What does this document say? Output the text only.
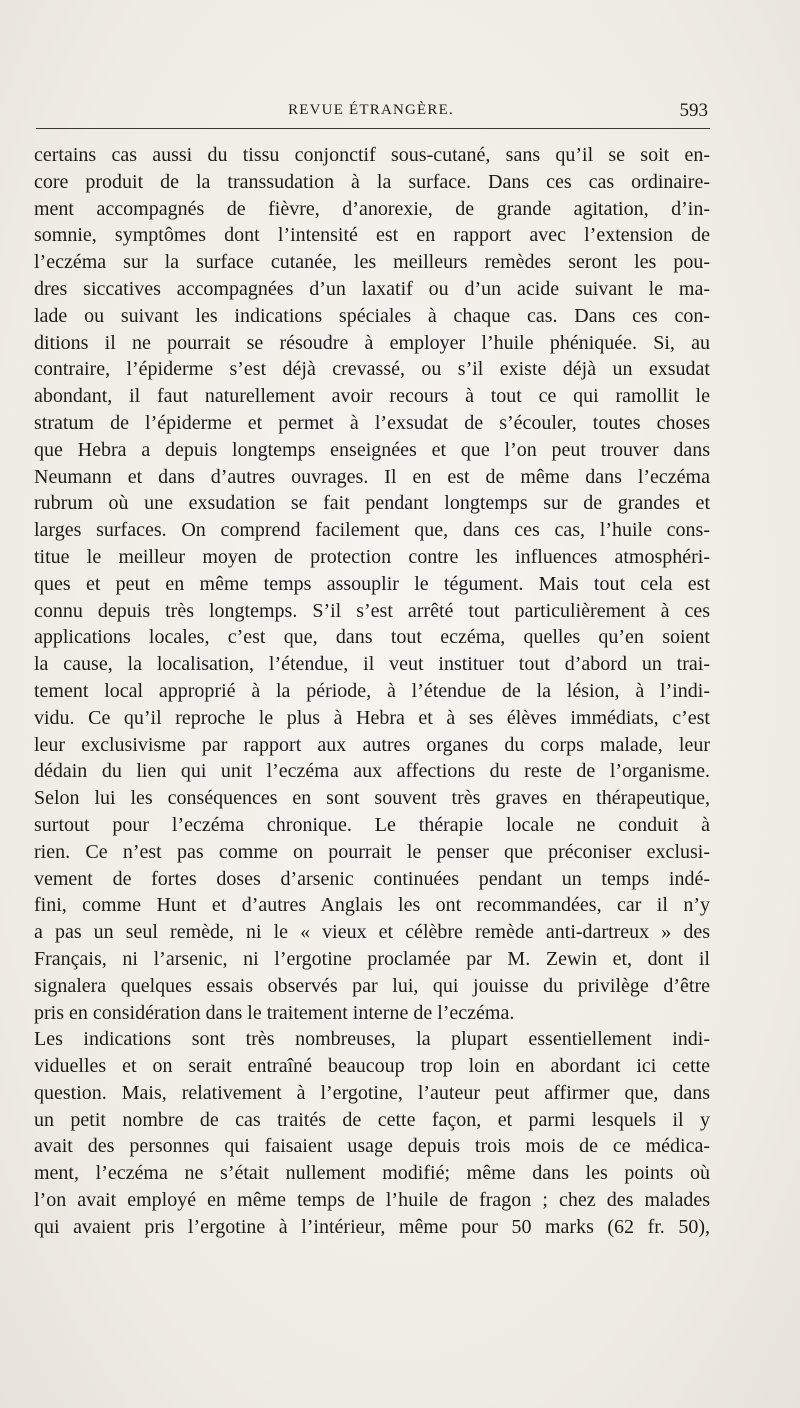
REVUE ÉTRANGÈRE.	593
certains cas aussi du tissu conjonctif sous-cutané, sans qu’il se soit en-
core produit de la transsudation à la surface. Dans ces cas ordinaire-
ment accompagnés de fièvre, d’anorexie, de grande agitation, d’in-
somnie, symptômes dont l’intensité est en rapport avec l’extension de
l’eczéma sur la surface cutanée, les meilleurs remèdes seront les pou-
dres siccatives accompagnées d’un laxatif ou d’un acide suivant le ma-
lade ou suivant les indications spéciales à chaque cas. Dans ces con-
ditions il ne pourrait se résoudre à employer l’huile phéniquée. Si, au
contraire, l’épiderme s’est déjà crevassé, ou s’il existe déjà un exsudat
abondant, il faut naturellement avoir recours à tout ce qui ramollit le
stratum de l’épiderme et permet à l’exsudat de s’écouler, toutes choses
que Hebra a depuis longtemps enseignées et que l’on peut trouver dans
Neumann et dans d’autres ouvrages. Il en est de même dans l’eczéma
rubrum où une exsudation se fait pendant longtemps sur de grandes et
larges surfaces. On comprend facilement que, dans ces cas, l’huile cons-
titue le meilleur moyen de protection contre les influences atmosphéri-
ques et peut en même temps assouplir le tégument. Mais tout cela est
connu depuis très longtemps. S’il s’est arrêté tout particulièrement à ces
applications locales, c’est que, dans tout eczéma, quelles qu’en soient
la cause, la localisation, l’étendue, il veut instituer tout d’abord un trai-
tement local approprié à la période, à l’étendue de la lésion, à l’indi-
vidu. Ce qu’il reproche le plus à Hebra et à ses élèves immédiats, c’est
leur exclusivisme par rapport aux autres organes du corps malade, leur
dédain du lien qui unit l’eczéma aux affections du reste de l’organisme.
Selon lui les conséquences en sont souvent très graves en thérapeutique,
surtout pour l’eczéma chronique. Le thérapie locale ne conduit à
rien. Ce n’est pas comme on pourrait le penser que préconiser exclusi-
vement de fortes doses d’arsenic continuées pendant un temps indé-
fini, comme Hunt et d’autres Anglais les ont recommandées, car il n’y
a pas un seul remède, ni le « vieux et célèbre remède anti-dartreux » des
Français, ni l’arsenic, ni l’ergotine proclamée par M. Zewin et, dont il
signalera quelques essais observés par lui, qui jouisse du privilège d’être
pris en considération dans le traitement interne de l’eczéma.
Les indications sont très nombreuses, la plupart essentiellement indi-
viduelles et on serait entraîné beaucoup trop loin en abordant ici cette
question. Mais, relativement à l’ergotine, l’auteur peut affirmer que, dans
un petit nombre de cas traités de cette façon, et parmi lesquels il y
avait des personnes qui faisaient usage depuis trois mois de ce médica-
ment, l’eczéma ne s’était nullement modifié; même dans les points où
l’on avait employé en même temps de l’huile de fragon ; chez des malades
qui avaient pris l’ergotine à l’intérieur, même pour 50 marks (62 fr. 50),
